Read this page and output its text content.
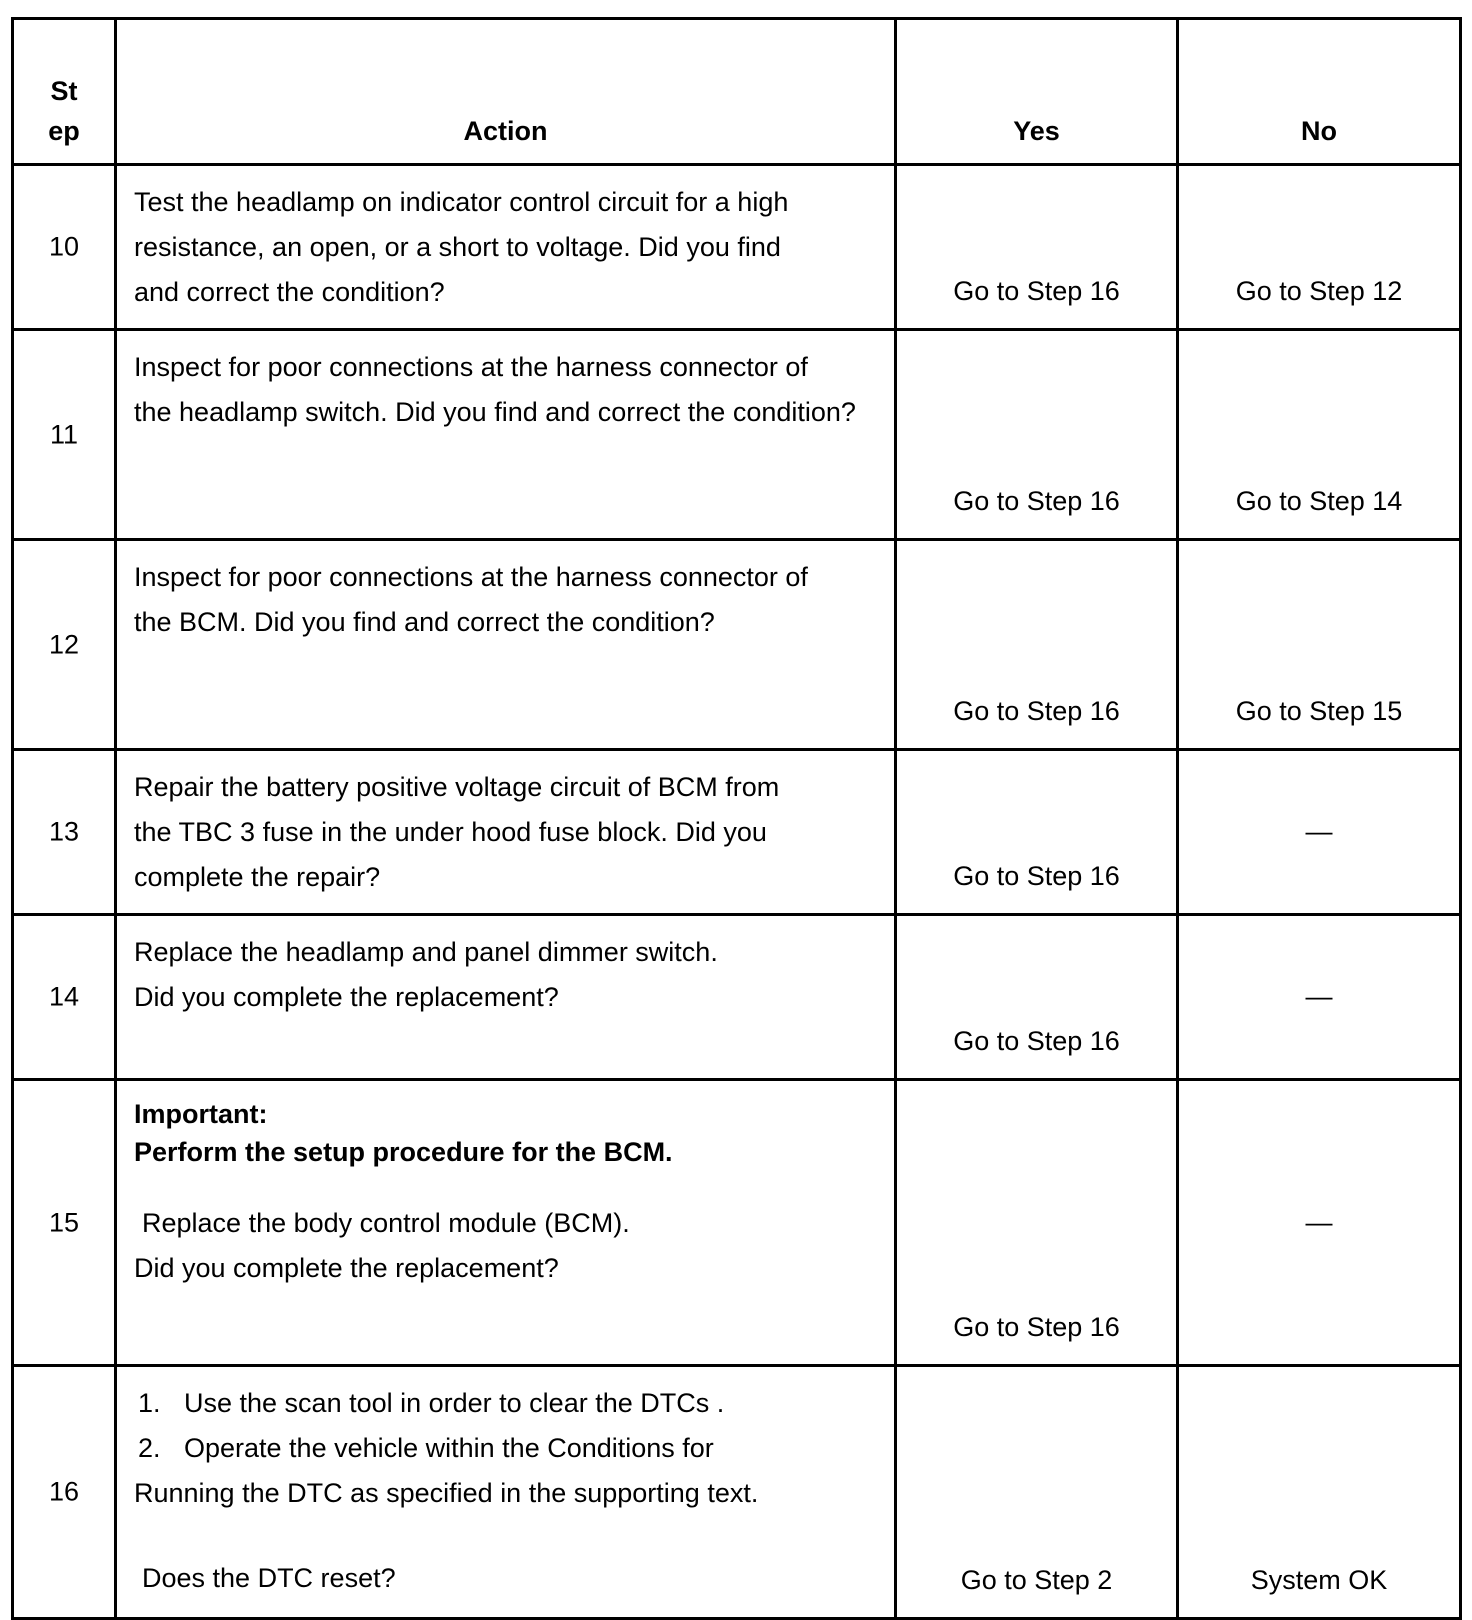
St
ep	Action	Yes	No

10	Test the headlamp on indicator control circuit for a high
resistance, an open, or a short to voltage. Did you find
and correct the condition?	Go to Step 16	Go to Step 12

11	Inspect for poor connections at the harness connector of
the headlamp switch. Did you find and correct the condition?	Go to Step 16	Go to Step 14

12	Inspect for poor connections at the harness connector of
the BCM. Did you find and correct the condition?	Go to Step 16	Go to Step 15

13	Repair the battery positive voltage circuit of BCM from
the TBC 3 fuse in the under hood fuse block. Did you
complete the repair?	Go to Step 16	—

14	Replace the headlamp and panel dimmer switch.
Did you complete the replacement?	Go to Step 16	—

15	Important:
Perform the setup procedure for the BCM.
Replace the body control module (BCM).
Did you complete the replacement?	Go to Step 16	—

16	1. Use the scan tool in order to clear the DTCs .
2. Operate the vehicle within the Conditions for
Running the DTC as specified in the supporting text.
Does the DTC reset?	Go to Step 2	System OK
